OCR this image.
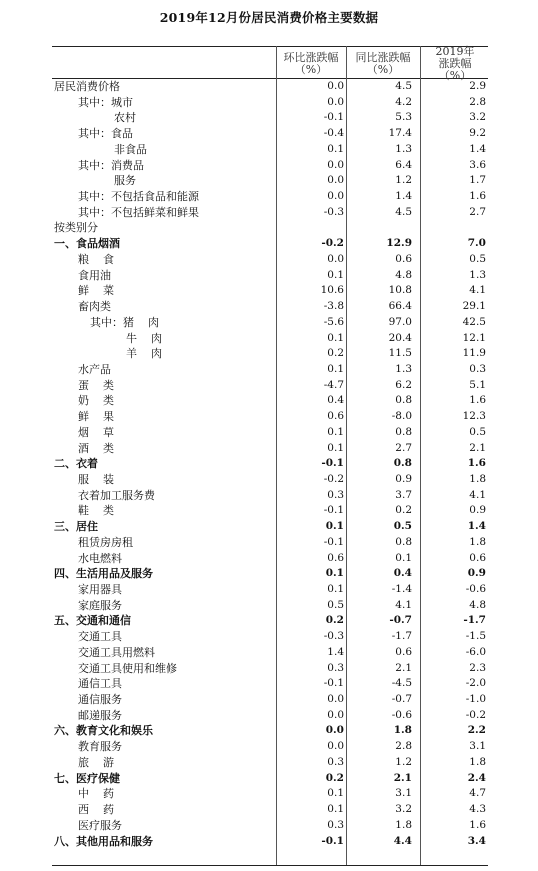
2019年12月份居民消费价格主要数据
环比涨跌幅
（%）
同比涨跌幅
（%）
2019年
涨跌幅
（%）
居民消费价格	0.0	4.5	2.9
其中：城市	0.0	4.2	2.8
农村	-0.1	5.3	3.2
其中：食品	-0.4	17.4	9.2
非食品	0.1	1.3	1.4
其中：消费品	0.0	6.4	3.6
服务	0.0	1.2	1.7
其中：不包括食品和能源	0.0	1.4	1.6
其中：不包括鲜菜和鲜果	-0.3	4.5	2.7
按类别分
一、食品烟酒	-0.2	12.9	7.0
粮    食	0.0	0.6	0.5
食用油	0.1	4.8	1.3
鲜    菜	10.6	10.8	4.1
畜肉类	-3.8	66.4	29.1
其中：猪    肉	-5.6	97.0	42.5
牛    肉	0.1	20.4	12.1
羊    肉	0.2	11.5	11.9
水产品	0.1	1.3	0.3
蛋    类	-4.7	6.2	5.1
奶    类	0.4	0.8	1.6
鲜    果	0.6	-8.0	12.3
烟    草	0.1	0.8	0.5
酒    类	0.1	2.7	2.1
二、衣着	-0.1	0.8	1.6
服    装	-0.2	0.9	1.8
衣着加工服务费	0.3	3.7	4.1
鞋    类	-0.1	0.2	0.9
三、居住	0.1	0.5	1.4
租赁房房租	-0.1	0.8	1.8
水电燃料	0.6	0.1	0.6
四、生活用品及服务	0.1	0.4	0.9
家用器具	0.1	-1.4	-0.6
家庭服务	0.5	4.1	4.8
五、交通和通信	0.2	-0.7	-1.7
交通工具	-0.3	-1.7	-1.5
交通工具用燃料	1.4	0.6	-6.0
交通工具使用和维修	0.3	2.1	2.3
通信工具	-0.1	-4.5	-2.0
通信服务	0.0	-0.7	-1.0
邮递服务	0.0	-0.6	-0.2
六、教育文化和娱乐	0.0	1.8	2.2
教育服务	0.0	2.8	3.1
旅    游	0.3	1.2	1.8
七、医疗保健	0.2	2.1	2.4
中    药	0.1	3.1	4.7
西    药	0.1	3.2	4.3
医疗服务	0.3	1.8	1.6
八、其他用品和服务	-0.1	4.4	3.4
